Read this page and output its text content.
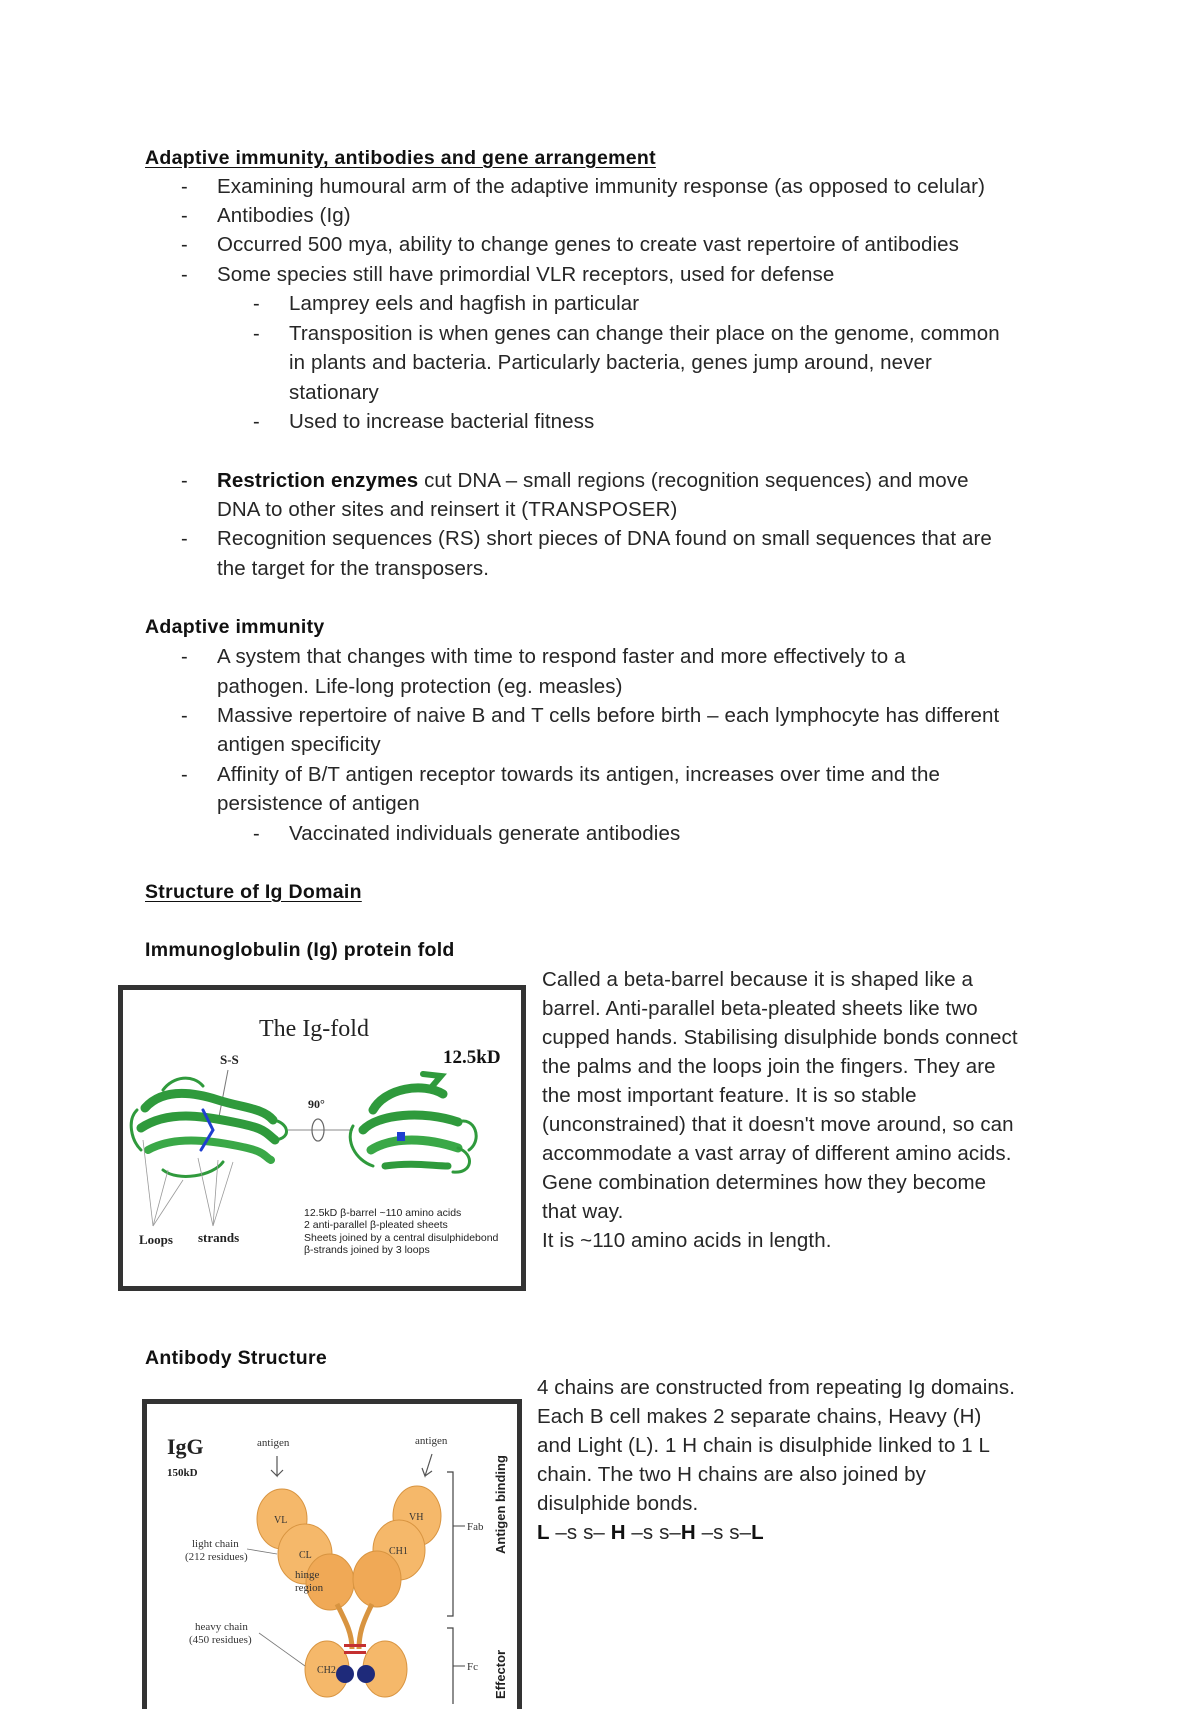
Adaptive immunity, antibodies and gene arrangement
- Examining humoural arm of the adaptive immunity response (as opposed to celular)
- Antibodies (Ig)
- Occurred 500 mya, ability to change genes to create vast repertoire of antibodies
- Some species still have primordial VLR receptors, used for defense
- Lamprey eels and hagfish in particular
- Transposition is when genes can change their place on the genome, common
in plants and bacteria. Particularly bacteria, genes jump around, never
stationary
- Used to increase bacterial fitness
- Restriction enzymes cut DNA – small regions (recognition sequences) and move
DNA to other sites and reinsert it (TRANSPOSER)
- Recognition sequences (RS) short pieces of DNA found on small sequences that are
the target for the transposers.
Adaptive immunity
- A system that changes with time to respond faster and more effectively to a
pathogen. Life-long protection (eg. measles)
- Massive repertoire of naive B and T cells before birth – each lymphocyte has different
antigen specificity
- Affinity of B/T antigen receptor towards its antigen, increases over time and the
persistence of antigen
- Vaccinated individuals generate antibodies
Structure of Ig Domain
Immunoglobulin (Ig) protein fold
The Ig-fold
12.5kD
S-S
90°
Loops strands
12.5kD β-barrel ~110 amino acids
2 anti-parallel β-pleated sheets
Sheets joined by a central disulphidebond
β-strands joined by 3 loops
Called a beta-barrel because it is shaped like a
barrel. Anti-parallel beta-pleated sheets like two
cupped hands. Stabilising disulphide bonds connect
the palms and the loops join the fingers. They are
the most important feature. It is so stable
(unconstrained) that it doesn't move around, so can
accommodate a vast array of different amino acids.
Gene combination determines how they become
that way.
It is ~110 amino acids in length.
Antibody Structure
IgG
150kD
antigen	antigen
VL	VH
CL	CH1
CH2
light chain
(212 residues)
hinge
region
heavy chain
(450 residues)
Fab
Fc
Antigen binding
Effector
4 chains are constructed from repeating Ig domains.
Each B cell makes 2 separate chains, Heavy (H)
and Light (L). 1 H chain is disulphide linked to 1 L
chain. The two H chains are also joined by
disulphide bonds.
L –s s– H –s s–H –s s–L
